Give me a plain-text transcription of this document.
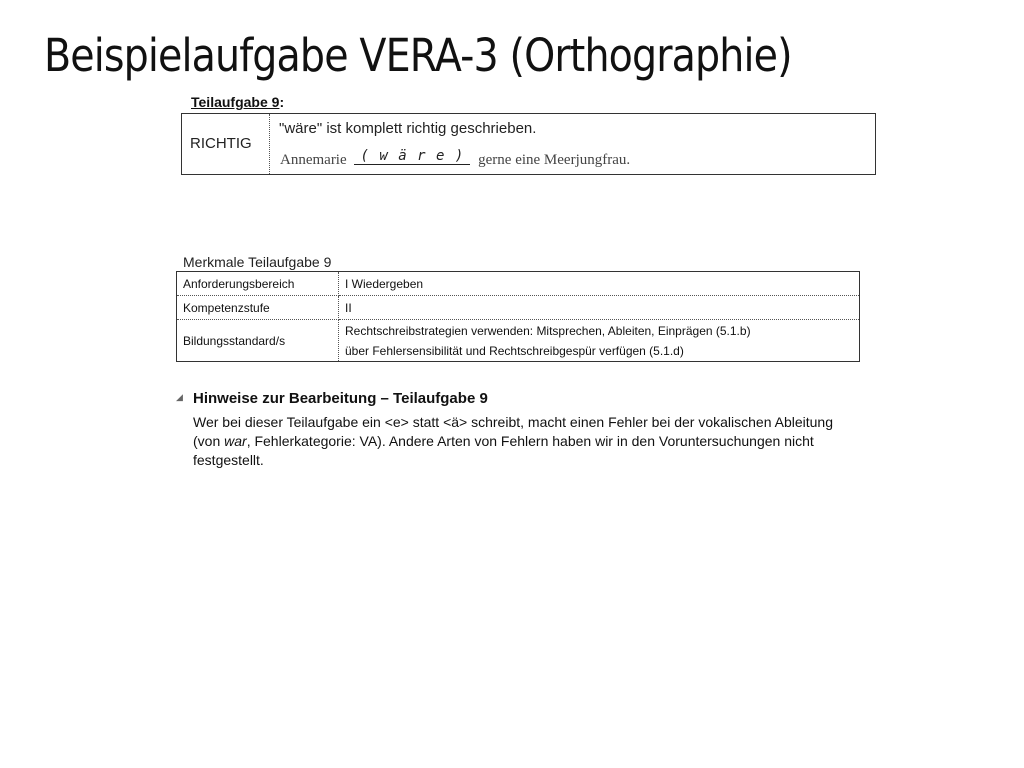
Beispielaufgabe VERA-3 (Orthographie)
Teilaufgabe 9:
RICHTIG
"wäre" ist komplett richtig geschrieben.
Annemarie ( w ä r e ) gerne eine Meerjungfrau.
Merkmale Teilaufgabe 9
Anforderungsbereich	I Wiedergeben
Kompetenzstufe	II
Bildungsstandard/s	Rechtschreibstrategien verwenden: Mitsprechen, Ableiten, Einprägen (5.1.b)
über Fehlersensibilität und Rechtschreibgespür verfügen (5.1.d)
◢ Hinweise zur Bearbeitung – Teilaufgabe 9

Wer bei dieser Teilaufgabe ein <e> statt <ä> schreibt, macht einen Fehler bei der vokalischen Ableitung (von war, Fehlerkategorie: VA). Andere Arten von Fehlern haben wir in den Voruntersuchungen nicht festgestellt.
